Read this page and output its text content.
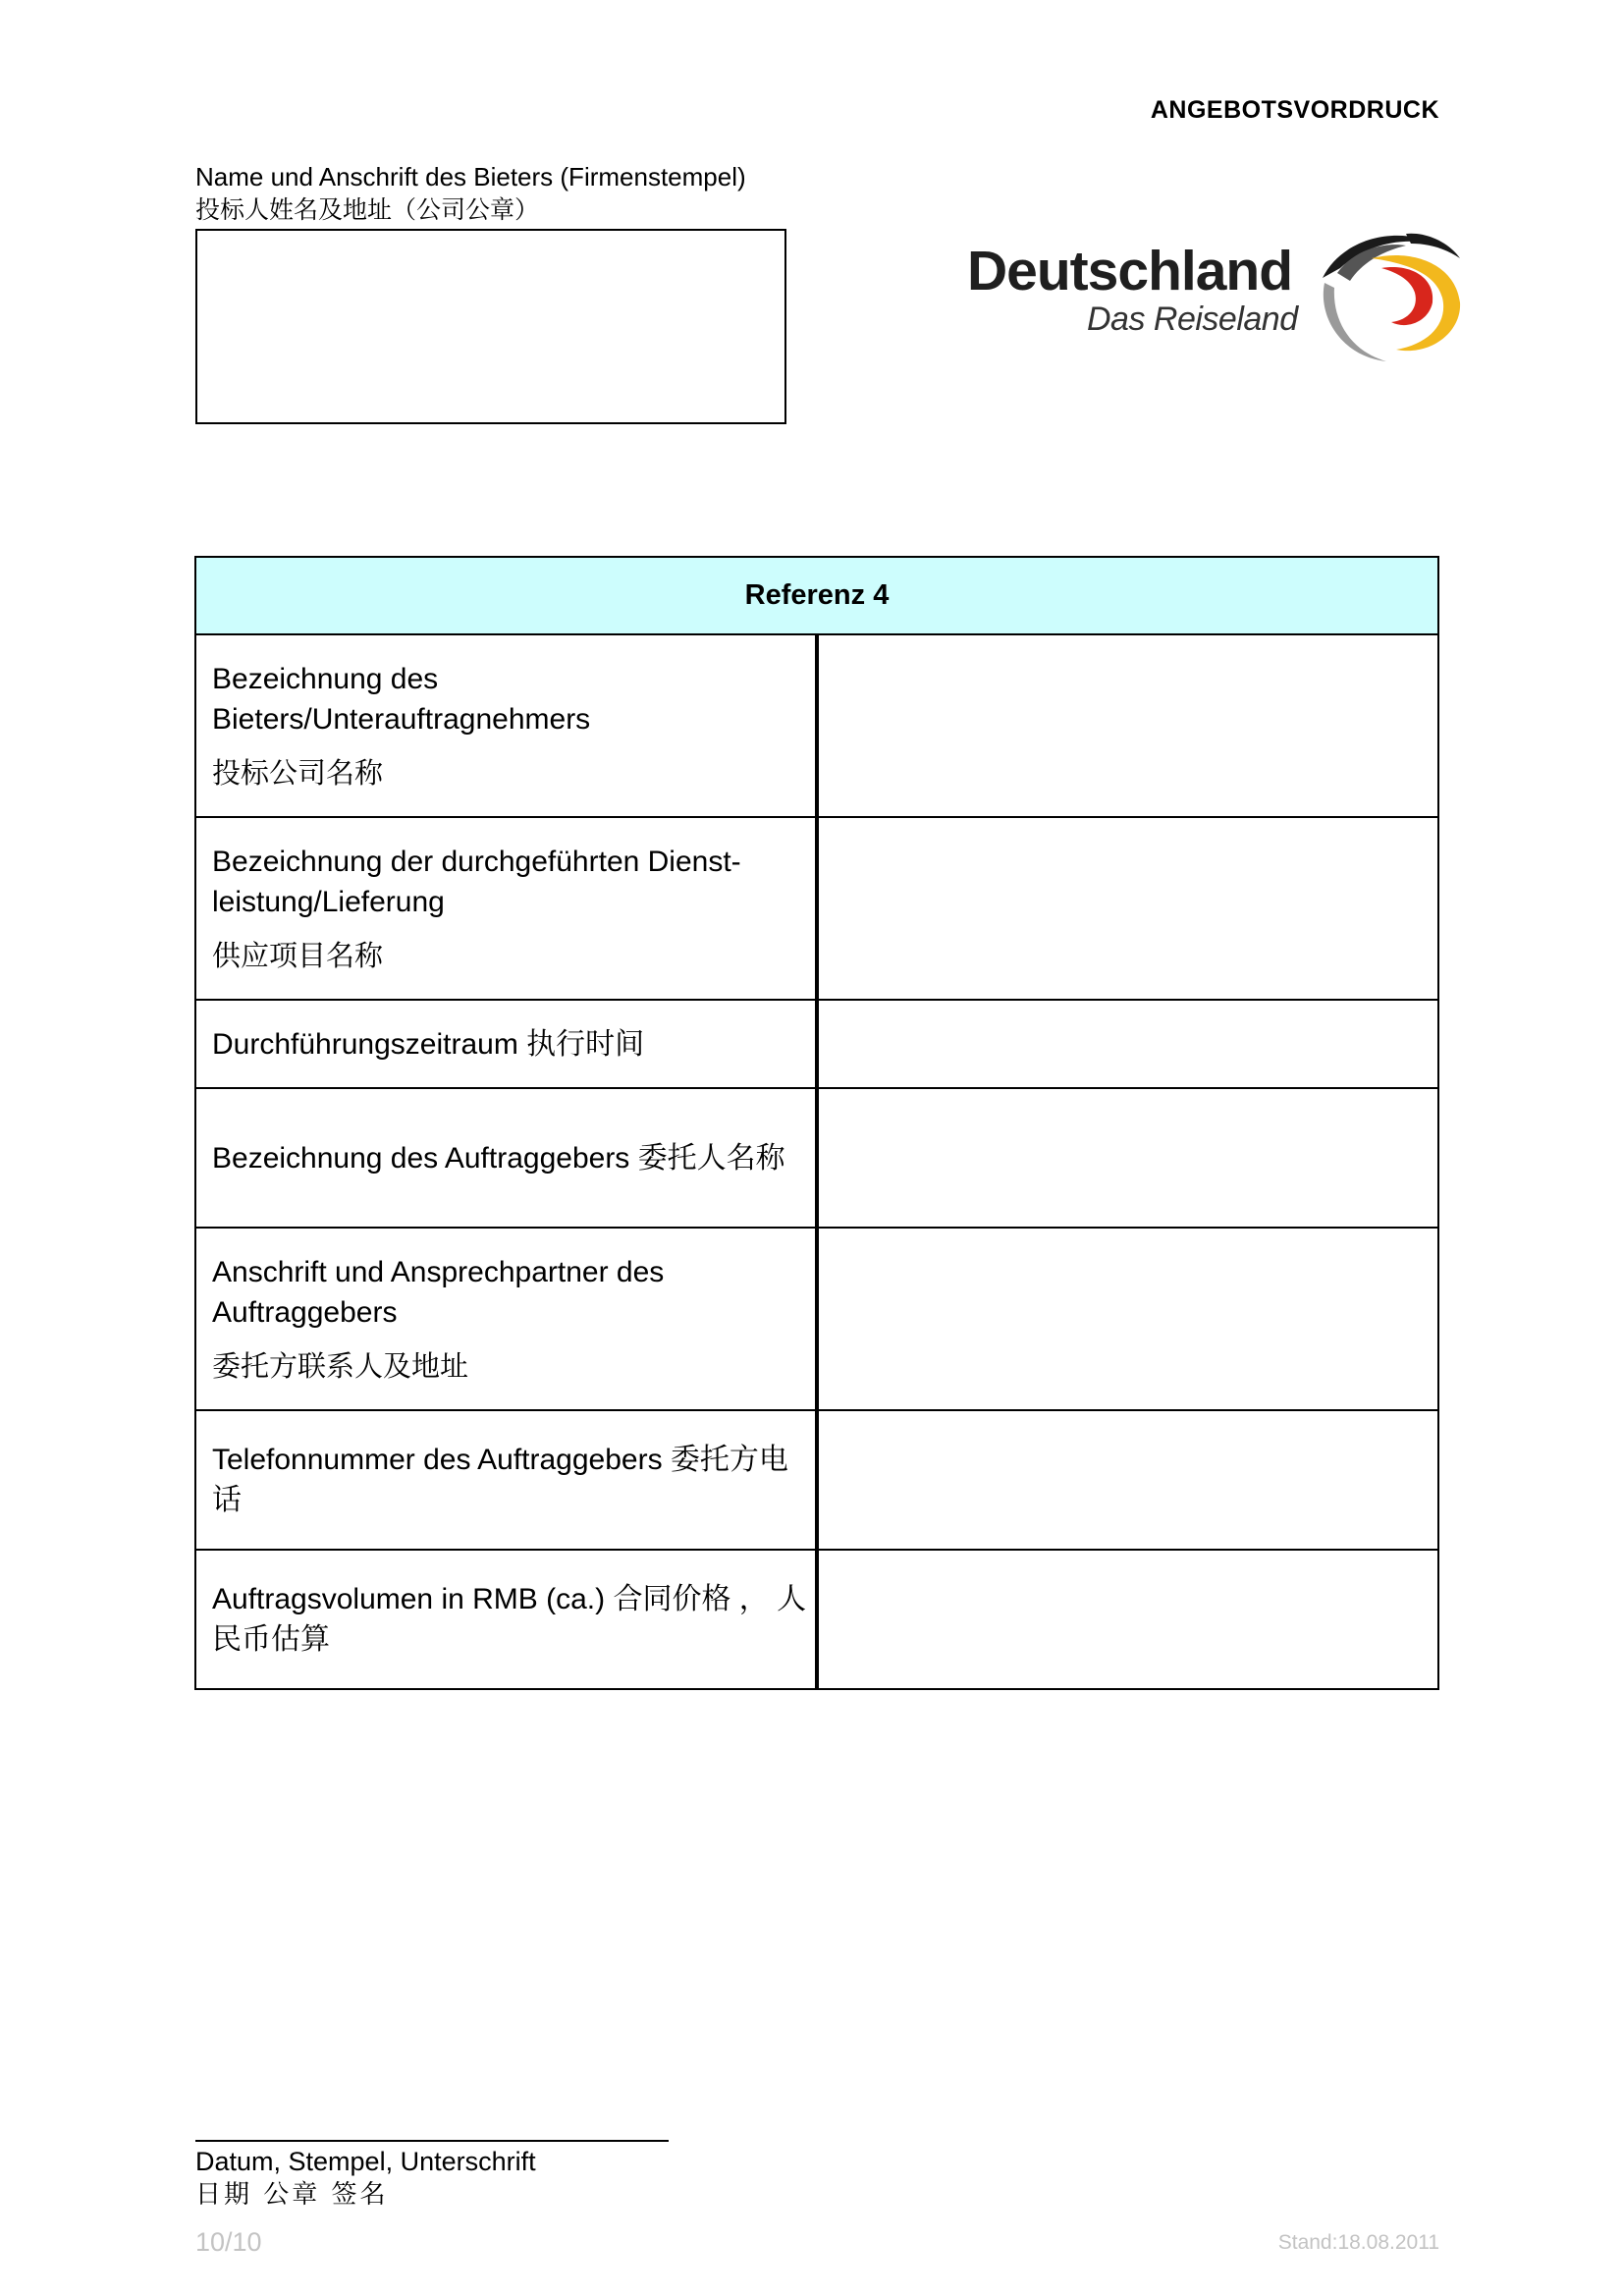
ANGEBOTSVORDRUCK
Name und Anschrift des Bieters (Firmenstempel)
投标人姓名及地址（公司公章）
Deutschland
Das Reiseland
Referenz 4	
Bezeichnung des Bieters/Unterauftragnehmers
投标公司名称	

Bezeichnung der durchgeführten Dienst-leistung/Lieferung
供应项目名称	

Durchführungszeitraum 执行时间	
Bezeichnung des Auftraggebers 委托人名称	
Anschrift und Ansprechpartner des Auftraggebers
委托方联系人及地址	

Telefonnummer des Auftraggebers 委托方电话	
Auftragsvolumen in RMB (ca.) 合同价格 ， 人民币估算	
Datum, Stempel, Unterschrift
日期 公章 签名
10/10	Stand:18.08.2011
